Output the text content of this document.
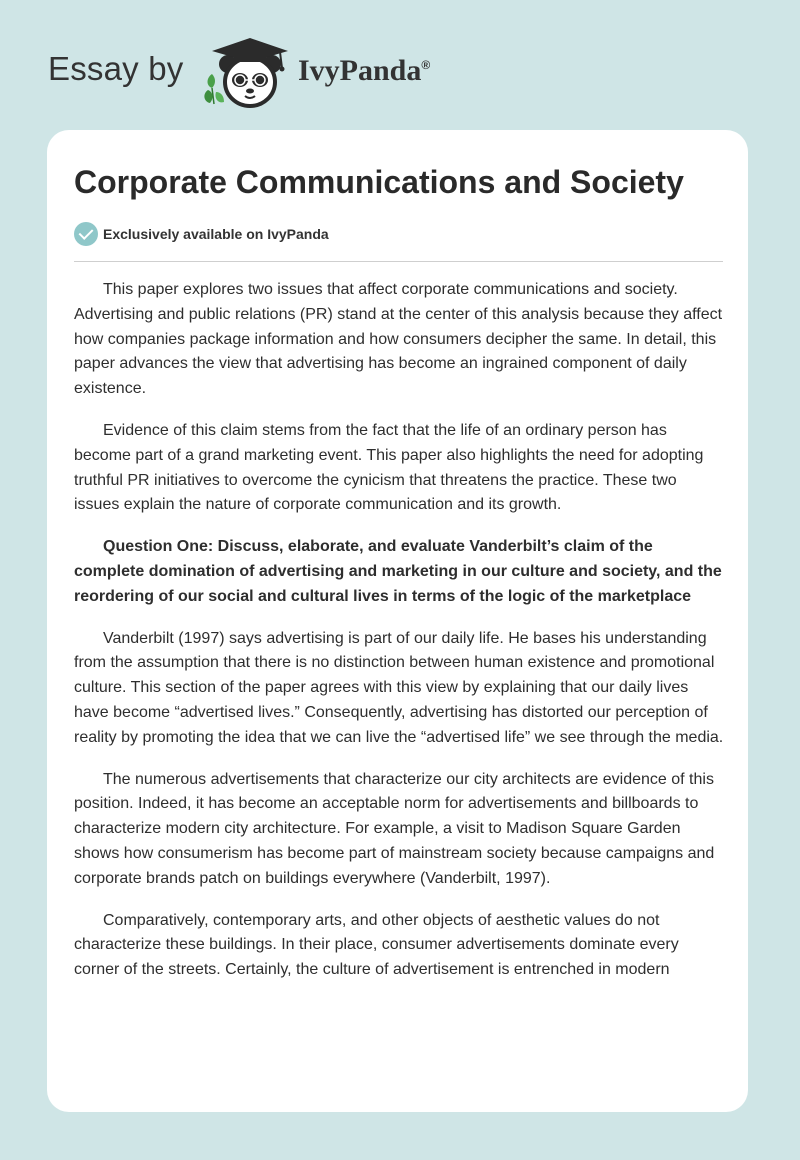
Essay by	IvyPanda®
Corporate Communications and Society
Exclusively available on IvyPanda

This paper explores two issues that affect corporate communications and society. Advertising and public relations (PR) stand at the center of this analysis because they affect how companies package information and how consumers decipher the same. In detail, this paper advances the view that advertising has become an ingrained component of daily existence.

Evidence of this claim stems from the fact that the life of an ordinary person has become part of a grand marketing event. This paper also highlights the need for adopting truthful PR initiatives to overcome the cynicism that threatens the practice. These two issues explain the nature of corporate communication and its growth.

Question One: Discuss, elaborate, and evaluate Vanderbilt’s claim of the complete domination of advertising and marketing in our culture and society, and the reordering of our social and cultural lives in terms of the logic of the marketplace

Vanderbilt (1997) says advertising is part of our daily life. He bases his understanding from the assumption that there is no distinction between human existence and promotional culture. This section of the paper agrees with this view by explaining that our daily lives have become “advertised lives.” Consequently, advertising has distorted our perception of reality by promoting the idea that we can live the “advertised life” we see through the media.

The numerous advertisements that characterize our city architects are evidence of this position. Indeed, it has become an acceptable norm for advertisements and billboards to characterize modern city architecture. For example, a visit to Madison Square Garden shows how consumerism has become part of mainstream society because campaigns and corporate brands patch on buildings everywhere (Vanderbilt, 1997).

Comparatively, contemporary arts, and other objects of aesthetic values do not characterize these buildings. In their place, consumer advertisements dominate every corner of the streets. Certainly, the culture of advertisement is entrenched in modern
